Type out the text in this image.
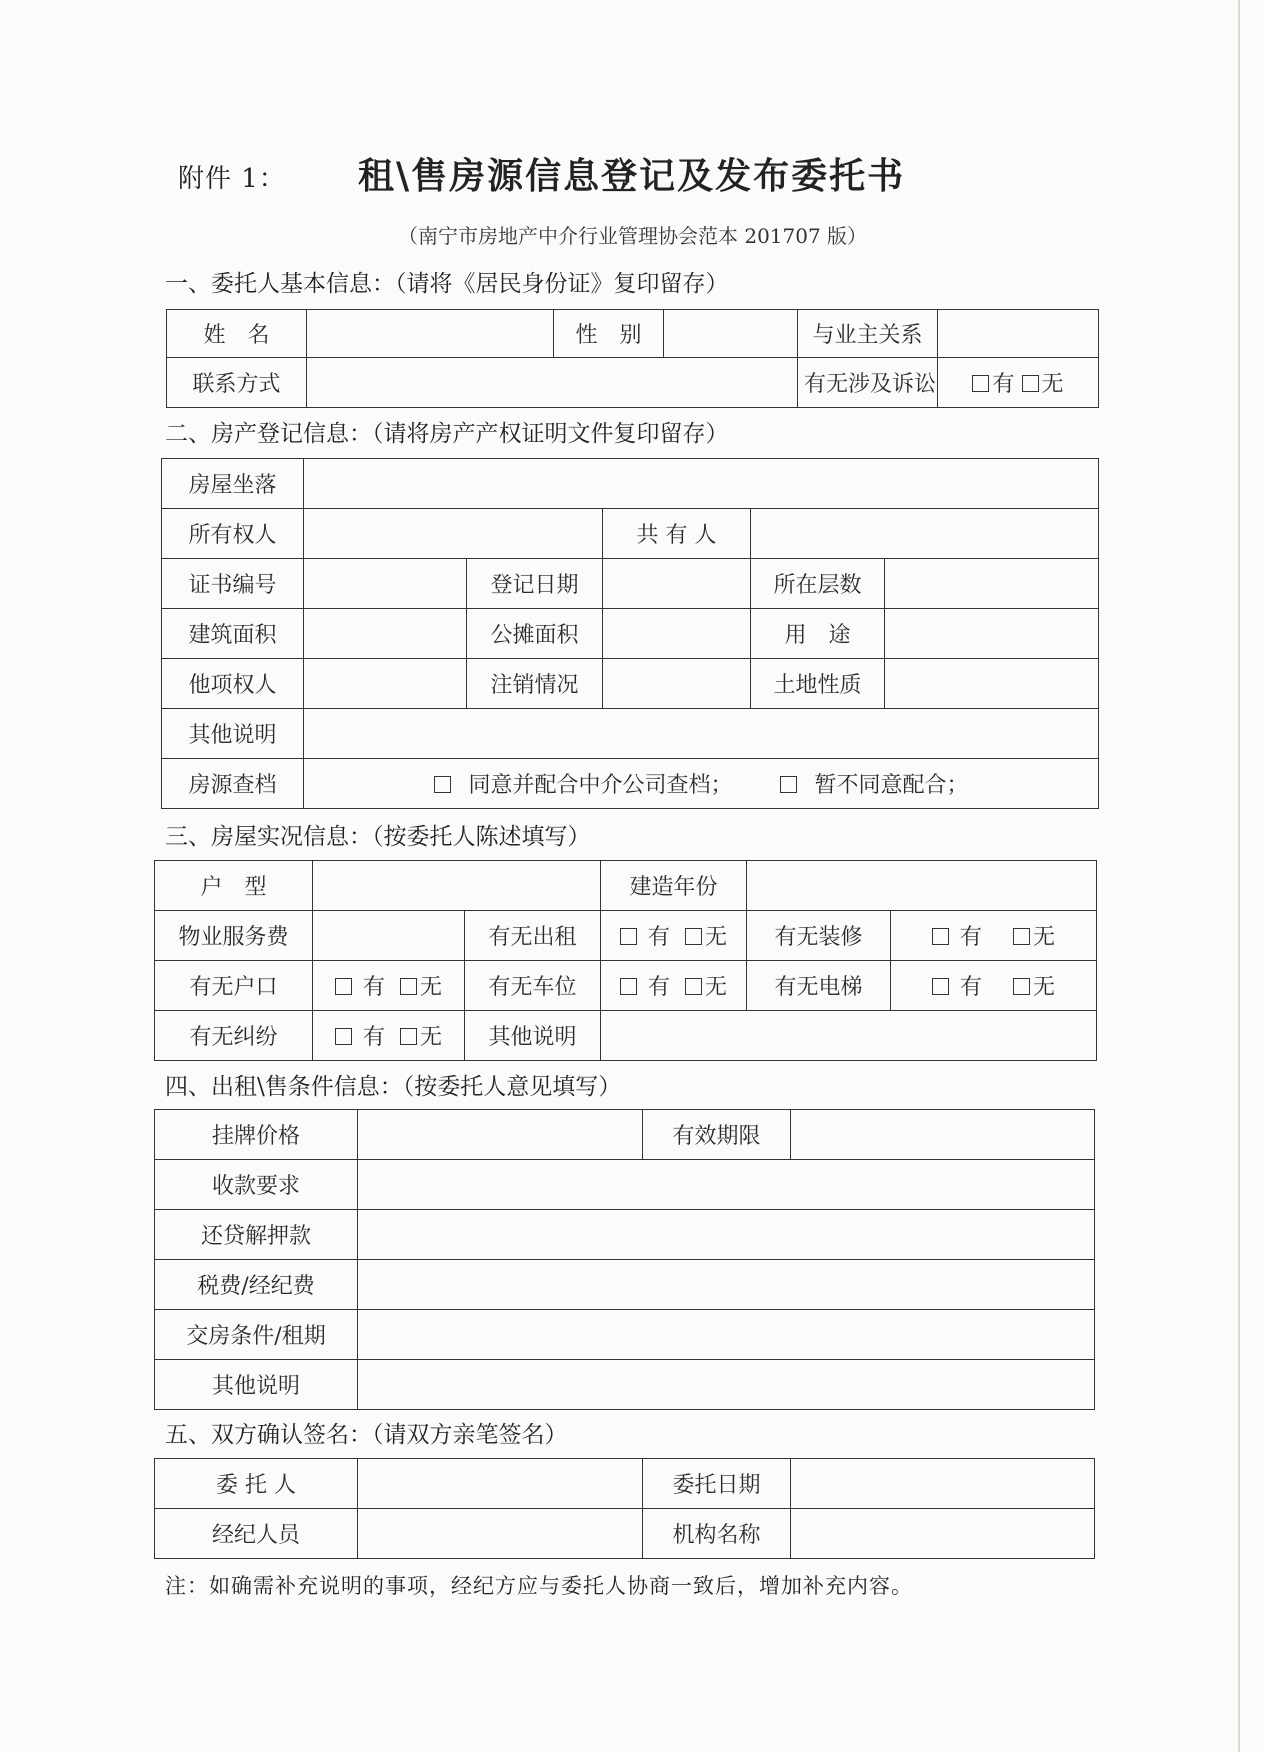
附件 1： 租\售房源信息登记及发布委托书
（南宁市房地产中介行业管理协会范本 201707 版）
一、委托人基本信息：（请将《居民身份证》复印留存）
姓　名		性　别		与业主关系	
联系方式				有无涉及诉讼	有 无
二、房产登记信息：（请将房产产权证明文件复印留存）
房屋坐落					
所有权人			共 有 人		
证书编号		登记日期		所在层数	
建筑面积		公摊面积		用　途	
他项权人		注销情况		土地性质	
其他说明					
房源查档	同意并配合中介公司查档； 暂不同意配合；				
三、房屋实况信息：（按委托人陈述填写）
户　型			建造年份		
物业服务费		有无出租	有 无	有无装修	有 无
有无户口	有 无	有无车位	有 无	有无电梯	有 无
有无纠纷	有 无	其他说明			
四、出租\售条件信息：（按委托人意见填写）
挂牌价格		有效期限	
收款要求			
还贷解押款			
税费/经纪费			
交房条件/租期			
其他说明			
五、双方确认签名：（请双方亲笔签名）
委 托 人		委托日期	
经纪人员		机构名称	
注：如确需补充说明的事项，经纪方应与委托人协商一致后，增加补充内容。
